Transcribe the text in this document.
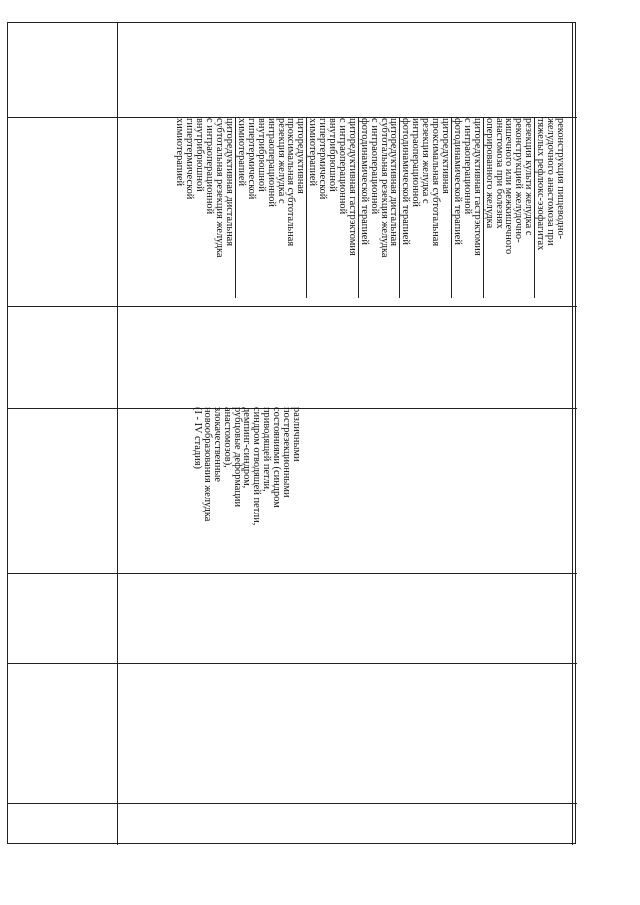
реконструкция пищеводно-

желудочного анастомоза при

тяжелых рефлюкс-эзофагитах

резекция культи желудка с

реконструкцией желудочно-

кишечного или межкишечного

анастомоза при болезнях

оперированного желудка

циторедуктивная гастрэктомия

с интраоперационной

фотодинамической терапией

циторедуктивная

проксимальная субтотальная

резекция желудка с

интраоперационной

фотодинамической терапией

циторедуктивная дистальная

субтотальная резекция желудка

с интраоперационной

фотодинамической терапией

циторедуктивная гастрэктомия

с интраоперационной

внутрибрюшной

гипертермической

химиотерапией

циторедуктивная

проксимальная субтотальная

резекция желудка с

интраоперационной

внутрибрюшной

гипертермической

химиотерапией

циторедуктивная дистальная

субтотальная резекция желудка

с интраоперационной

внутрибрюшной

гипертермической

химиотерапией

различными

пострезекционными

состояниями (синдром

приводящей петли,

синдром отводящей петли,

демпинг-синдром,

рубцовые деформации

анастомозов),

злокачественные

новообразования желудка

(I - IV стадия)
